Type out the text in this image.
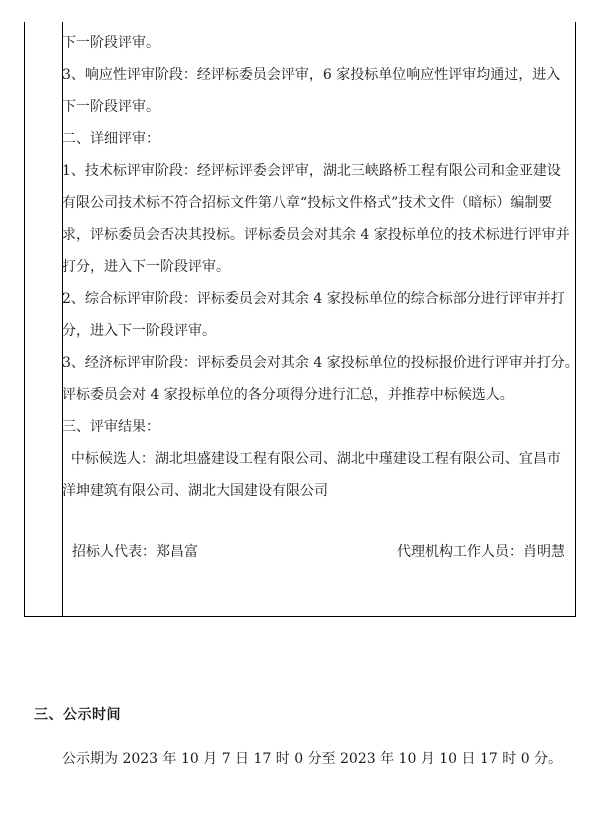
下一阶段评审。
3、响应性评审阶段：经评标委员会评审，6 家投标单位响应性评审均通过，进入
下一阶段评审。
二、详细评审：
1、技术标评审阶段：经评标评委会评审，湖北三峡路桥工程有限公司和金亚建设
有限公司技术标不符合招标文件第八章“投标文件格式”技术文件（暗标）编制要
求，评标委员会否决其投标。评标委员会对其余 4 家投标单位的技术标进行评审并
打分，进入下一阶段评审。
2、综合标评审阶段：评标委员会对其余 4 家投标单位的综合标部分进行评审并打
分，进入下一阶段评审。
3、经济标评审阶段：评标委员会对其余 4 家投标单位的投标报价进行评审并打分。
评标委员会对 4 家投标单位的各分项得分进行汇总，并推荐中标候选人。
三、评审结果：
中标候选人：湖北坦盛建设工程有限公司、湖北中瑾建设工程有限公司、宜昌市
洋坤建筑有限公司、湖北大国建设有限公司
招标人代表：郑昌富	代理机构工作人员：肖明慧
三、公示时间
公示期为 2023 年 10 月 7 日 17 时 0 分至 2023 年 10 月 10 日 17 时 0 分。
